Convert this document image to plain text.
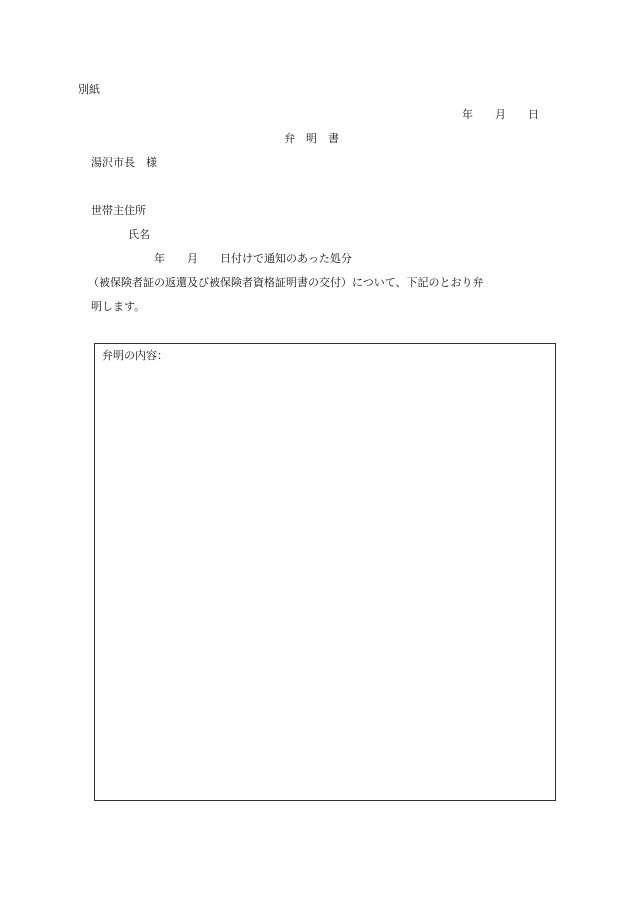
別紙
年　　月　　日
弁　明　書
湯沢市長　様
世帯主住所
氏名
年　　月　　日付けで通知のあった処分
（被保険者証の返還及び被保険者資格証明書の交付）について、下記のとおり弁
明します。
弁明の内容：
